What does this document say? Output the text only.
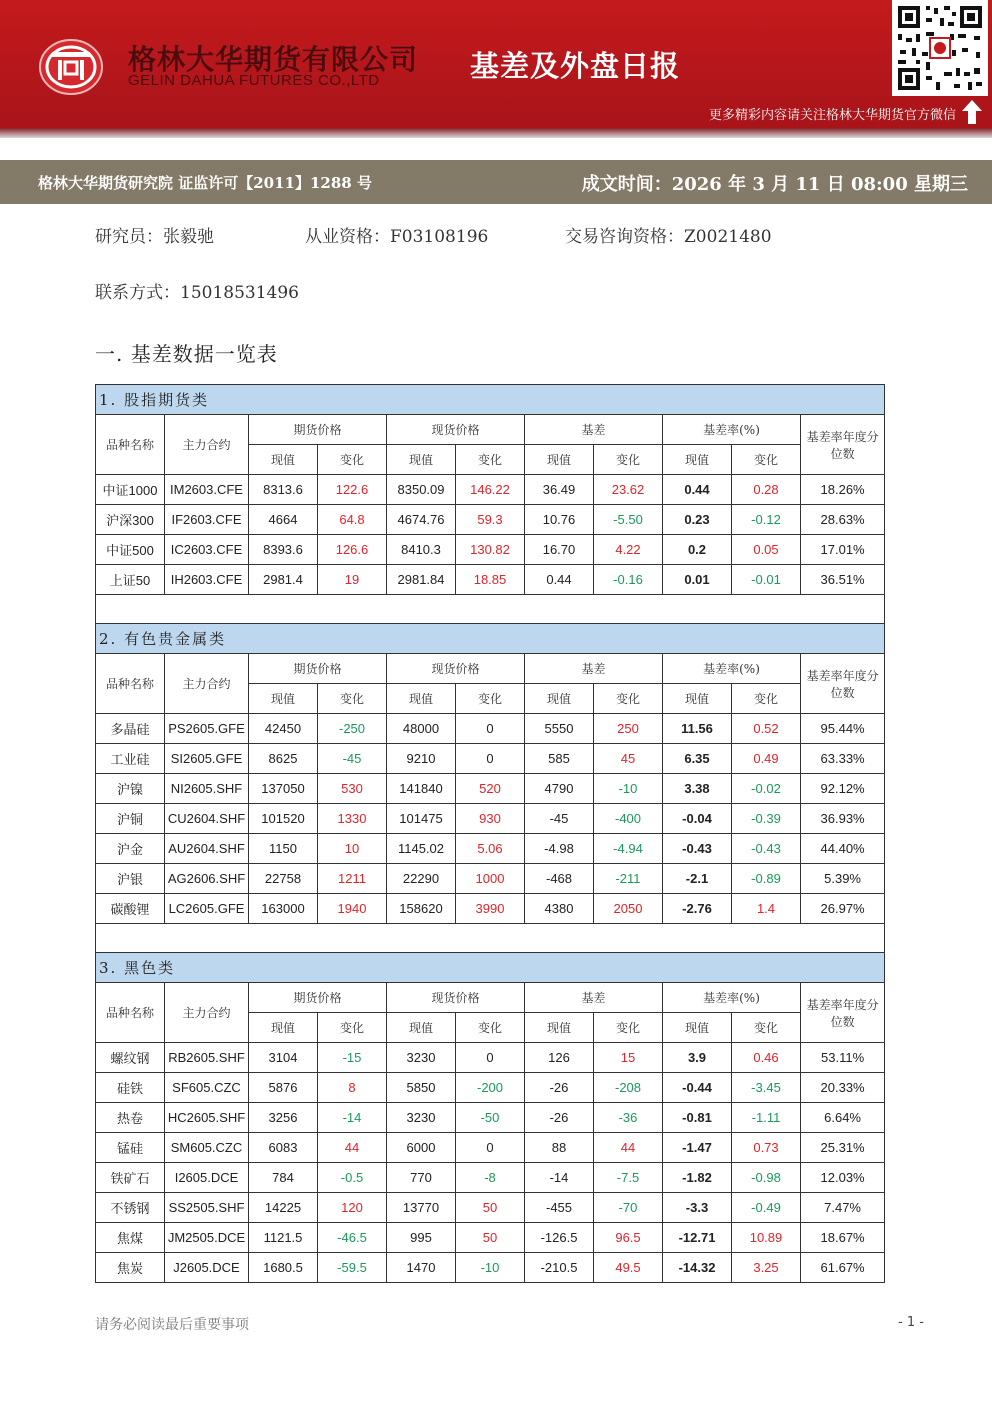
格林大华期货有限公司
GELIN DAHUA FUTURES CO.,LTD	基差及外盘日报
更多精彩内容请关注格林大华期货官方微信
格林大华期货研究院 证监许可【2011】1288 号	成文时间：2026 年 3 月 11 日 08:00 星期三
研究员：张毅驰	从业资格：F03108196	交易咨询资格：Z0021480
联系方式：15018531496
一. 基差数据一览表
1. 股指期货类										
品种名称	主力合约	期货价格		现货价格		基差		基差率(%)		基差率年度分位数
		现值	变化	现值	变化	现值	变化	现值	变化	
中证1000	IM2603.CFE	8313.6	122.6	8350.09	146.22	36.49	23.62	0.44	0.28	18.26%
沪深300	IF2603.CFE	4664	64.8	4674.76	59.3	10.76	-5.50	0.23	-0.12	28.63%
中证500	IC2603.CFE	8393.6	126.6	8410.3	130.82	16.70	4.22	0.2	0.05	17.01%
上证50	IH2603.CFE	2981.4	19	2981.84	18.85	0.44	-0.16	0.01	-0.01	36.51%

2. 有色贵金属类										
品种名称	主力合约	期货价格		现货价格		基差		基差率(%)		基差率年度分位数
		现值	变化	现值	变化	现值	变化	现值	变化	
多晶硅	PS2605.GFE	42450	-250	48000	0	5550	250	11.56	0.52	95.44%
工业硅	SI2605.GFE	8625	-45	9210	0	585	45	6.35	0.49	63.33%
沪镍	NI2605.SHF	137050	530	141840	520	4790	-10	3.38	-0.02	92.12%
沪铜	CU2604.SHF	101520	1330	101475	930	-45	-400	-0.04	-0.39	36.93%
沪金	AU2604.SHF	1150	10	1145.02	5.06	-4.98	-4.94	-0.43	-0.43	44.40%
沪银	AG2606.SHF	22758	1211	22290	1000	-468	-211	-2.1	-0.89	5.39%
碳酸锂	LC2605.GFE	163000	1940	158620	3990	4380	2050	-2.76	1.4	26.97%

3. 黑色类										
品种名称	主力合约	期货价格		现货价格		基差		基差率(%)		基差率年度分位数
		现值	变化	现值	变化	现值	变化	现值	变化	
螺纹钢	RB2605.SHF	3104	-15	3230	0	126	15	3.9	0.46	53.11%
硅铁	SF605.CZC	5876	8	5850	-200	-26	-208	-0.44	-3.45	20.33%
热卷	HC2605.SHF	3256	-14	3230	-50	-26	-36	-0.81	-1.11	6.64%
锰硅	SM605.CZC	6083	44	6000	0	88	44	-1.47	0.73	25.31%
铁矿石	I2605.DCE	784	-0.5	770	-8	-14	-7.5	-1.82	-0.98	12.03%
不锈钢	SS2505.SHF	14225	120	13770	50	-455	-70	-3.3	-0.49	7.47%
焦煤	JM2505.DCE	1121.5	-46.5	995	50	-126.5	96.5	-12.71	10.89	18.67%
焦炭	J2605.DCE	1680.5	-59.5	1470	-10	-210.5	49.5	-14.32	3.25	61.67%
请务必阅读最后重要事项	- 1 -
